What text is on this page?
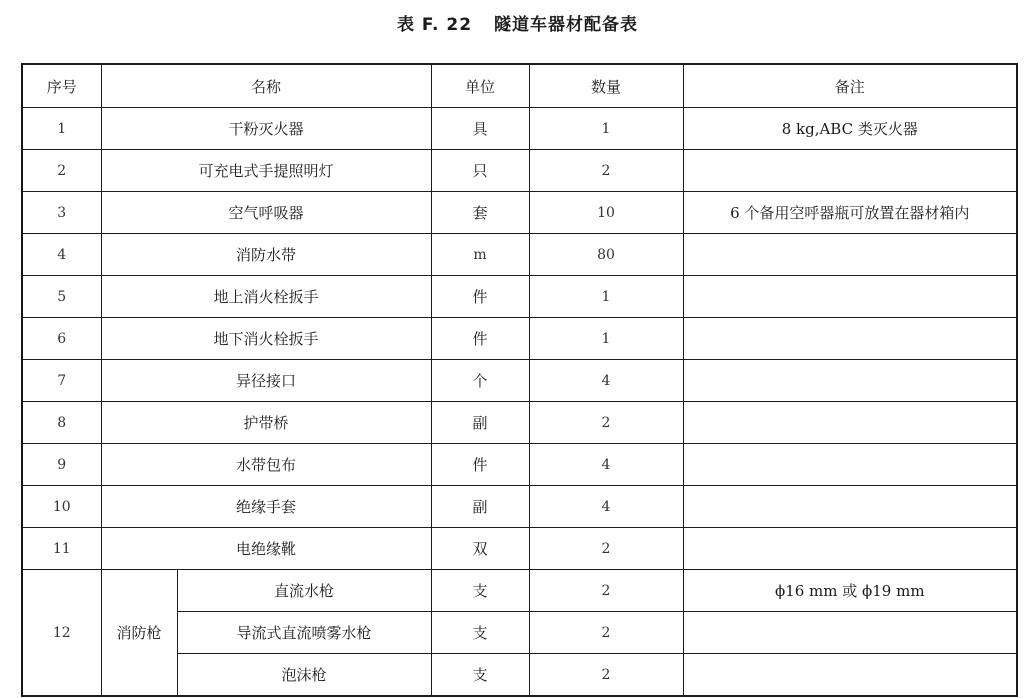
表 F. 22 隧道车器材配备表
序号	名称		单位	数量	备注
1	干粉灭火器		具	1	8 kg,ABC 类灭火器
2	可充电式手提照明灯		只	2	
3	空气呼吸器		套	10	6 个备用空呼器瓶可放置在器材箱内
4	消防水带		m	80	
5	地上消火栓扳手		件	1	
6	地下消火栓扳手		件	1	
7	异径接口		个	4	
8	护带桥		副	2	
9	水带包布		件	4	
10	绝缘手套		副	4	
11	电绝缘靴		双	2	
12	消防枪	直流水枪	支	2	ϕ16 mm 或 ϕ19 mm
		导流式直流喷雾水枪	支	2	
		泡沫枪	支	2	
